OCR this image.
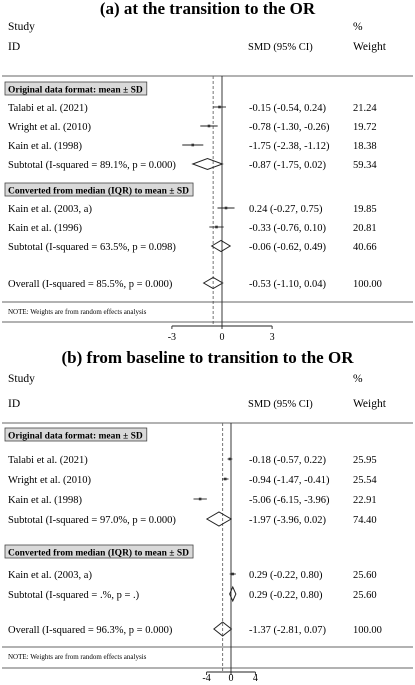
(a) at the transition to the OR
Study
ID	SMD (95% CI)
%
Weight
Original data format: mean ± SD
Talabi et al. (2021)	-0.15 (-0.54, 0.24)	21.24
Wright et al. (2010)	-0.78 (-1.30, -0.26) 19.72
Kain et al. (1998)	-1.75 (-2.38, -1.12) 18.38
Subtotal (I-squared = 89.1%, p = 0.000)	-0.87 (-1.75, 0.02)	59.34
Converted from median (IQR) to mean ± SD
Kain et al. (2003, a)	0.24 (-0.27, 0.75)	19.85
Kain et al. (1996)	-0.33 (-0.76, 0.10)	20.81
Subtotal (I-squared = 63.5%, p = 0.098)	-0.06 (-0.62, 0.49)	40.66
Overall (I-squared = 85.5%, p = 0.000)	-0.53 (-1.10, 0.04)	100.00
NOTE: Weights are from random effects analysis
-3	0	3
(b) from baseline to transition to the OR
Study
ID	SMD (95% CI)
%
Weight
Original data format: mean ± SD
Talabi et al. (2021)	-0.18 (-0.57, 0.22)	25.95
Wright et al. (2010)	-0.94 (-1.47, -0.41) 25.54
Kain et al. (1998)	-5.06 (-6.15, -3.96) 22.91
Subtotal (I-squared = 97.0%, p = 0.000)	-1.97 (-3.96, 0.02)	74.40
Converted from median (IQR) to mean ± SD
Kain et al. (2003, a)	0.29 (-0.22, 0.80)	25.60
Subtotal (I-squared = .%, p = .)	0.29 (-0.22, 0.80)	25.60
Overall (I-squared = 96.3%, p = 0.000)	-1.37 (-2.81, 0.07)	100.00
NOTE: Weights are from random effects analysis
-4 0 4
